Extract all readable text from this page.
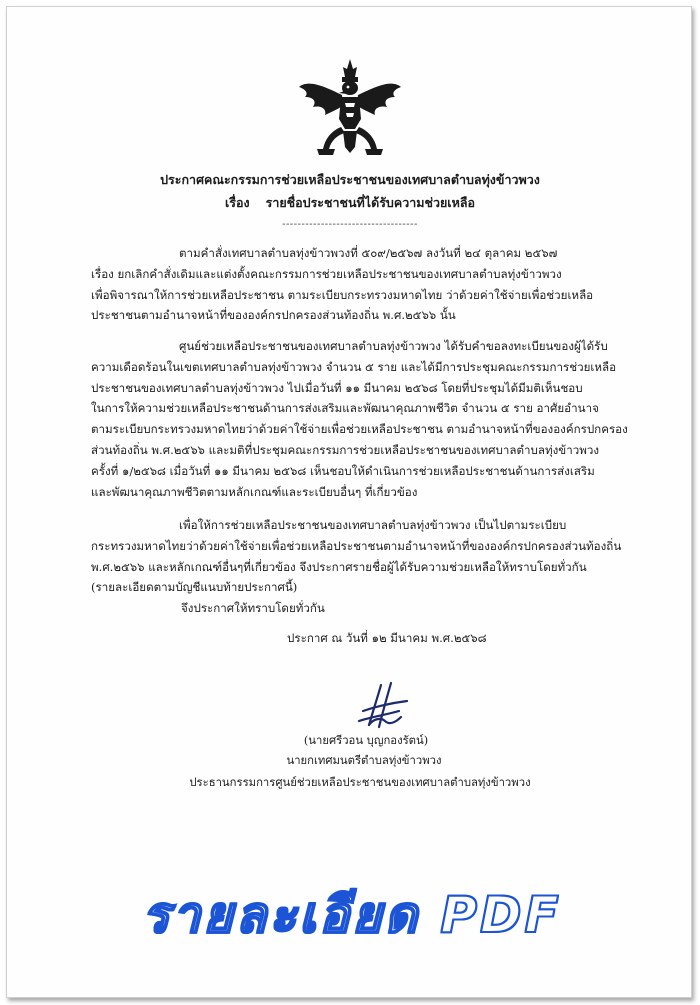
ประกาศคณะกรรมการช่วยเหลือประชาชนของเทศบาลตำบลทุ่งข้าวพวง
เรื่อง รายชื่อประชาชนที่ได้รับความช่วยเหลือ
-----------------------------------
ตามคำสั่งเทศบาลตำบลทุ่งข้าวพวงที่ ๕๐๙/๒๕๖๗ ลงวันที่ ๒๔ ตุลาคม ๒๕๖๗
เรื่อง ยกเลิกคำสั่งเดิมและแต่งตั้งคณะกรรมการช่วยเหลือประชาชนของเทศบาลตำบลทุ่งข้าวพวง
เพื่อพิจารณาให้การช่วยเหลือประชาชน ตามระเบียบกระทรวงมหาดไทย ว่าด้วยค่าใช้จ่ายเพื่อช่วยเหลือ
ประชาชนตามอำนาจหน้าที่ขององค์กรปกครองส่วนท้องถิ่น พ.ศ.๒๕๖๖ นั้น
ศูนย์ช่วยเหลือประชาชนของเทศบาลตำบลทุ่งข้าวพวง ได้รับคำขอลงทะเบียนของผู้ได้รับ
ความเดือดร้อนในเขตเทศบาลตำบลทุ่งข้าวพวง จำนวน ๕ ราย และได้มีการประชุมคณะกรรมการช่วยเหลือ
ประชาชนของเทศบาลตำบลทุ่งข้าวพวง ไปเมื่อวันที่ ๑๑ มีนาคม ๒๕๖๘ โดยที่ประชุมได้มีมติเห็นชอบ
ในการให้ความช่วยเหลือประชาชนด้านการส่งเสริมและพัฒนาคุณภาพชีวิต จำนวน ๕ ราย อาศัยอำนาจ
ตามระเบียบกระทรวงมหาดไทยว่าด้วยค่าใช้จ่ายเพื่อช่วยเหลือประชาชน ตามอำนาจหน้าที่ขององค์กรปกครอง
ส่วนท้องถิ่น พ.ศ.๒๕๖๖ และมติที่ประชุมคณะกรรมการช่วยเหลือประชาชนของเทศบาลตำบลทุ่งข้าวพวง
ครั้งที่ ๑/๒๕๖๘ เมื่อวันที่ ๑๑ มีนาคม ๒๕๖๘ เห็นชอบให้ดำเนินการช่วยเหลือประชาชนด้านการส่งเสริม
และพัฒนาคุณภาพชีวิตตามหลักเกณฑ์และระเบียบอื่นๆ ที่เกี่ยวข้อง
เพื่อให้การช่วยเหลือประชาชนของเทศบาลตำบลทุ่งข้าวพวง เป็นไปตามระเบียบ
กระทรวงมหาดไทยว่าด้วยค่าใช้จ่ายเพื่อช่วยเหลือประชาชนตามอำนาจหน้าที่ขององค์กรปกครองส่วนท้องถิ่น
พ.ศ.๒๕๖๖ และหลักเกณฑ์อื่นๆที่เกี่ยวข้อง จึงประกาศรายชื่อผู้ได้รับความช่วยเหลือให้ทราบโดยทั่วกัน
(รายละเอียดตามบัญชีแนบท้ายประกาศนี้)
จึงประกาศให้ทราบโดยทั่วกัน
ประกาศ ณ วันที่ ๑๒ มีนาคม พ.ศ.๒๕๖๘
(นายศรีวอน บุญกองรัตน์)
นายกเทศมนตรีตำบลทุ่งข้าวพวง
ประธานกรรมการศูนย์ช่วยเหลือประชาชนของเทศบาลตำบลทุ่งข้าวพวง
รายละเอียด PDF
